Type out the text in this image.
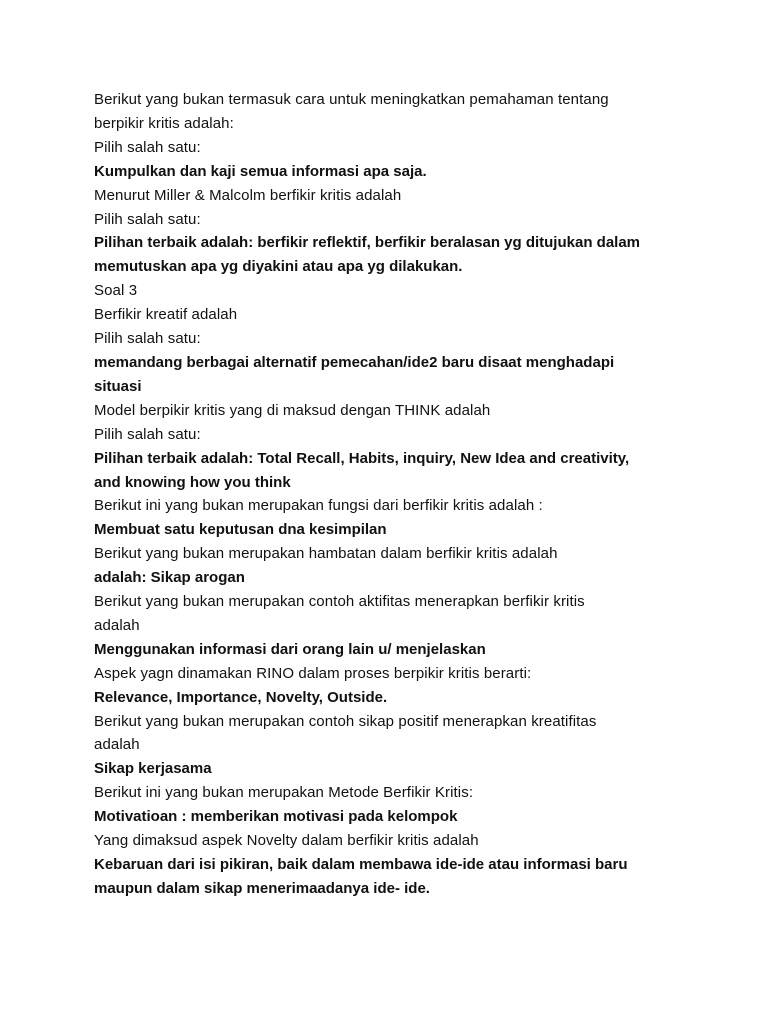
Berikut yang bukan termasuk cara untuk meningkatkan pemahaman tentang
berpikir kritis adalah:
Pilih salah satu:
Kumpulkan dan kaji semua informasi apa saja.
Menurut Miller & Malcolm berfikir kritis adalah
Pilih salah satu:
Pilihan terbaik adalah: berfikir reflektif, berfikir beralasan yg ditujukan dalam
memutuskan apa yg diyakini atau apa yg dilakukan.
Soal 3
Berfikir kreatif adalah
Pilih salah satu:
memandang berbagai alternatif pemecahan/ide2 baru disaat menghadapi
situasi
Model berpikir kritis yang di maksud dengan THINK adalah
Pilih salah satu:
Pilihan terbaik adalah: Total Recall, Habits, inquiry, New Idea and creativity,
and knowing how you think
Berikut ini yang bukan merupakan fungsi dari berfikir kritis adalah :
Membuat satu keputusan dna kesimpilan
Berikut yang bukan merupakan hambatan dalam berfikir kritis adalah
adalah: Sikap arogan
Berikut yang bukan merupakan contoh aktifitas menerapkan berfikir kritis
adalah
Menggunakan informasi dari orang lain u/ menjelaskan
Aspek yagn dinamakan RINO dalam proses berpikir kritis berarti:
Relevance, Importance, Novelty, Outside.
Berikut yang bukan merupakan contoh sikap positif menerapkan kreatifitas
adalah
Sikap kerjasama
Berikut ini yang bukan merupakan Metode Berfikir Kritis:
Motivatioan : memberikan motivasi pada kelompok
Yang dimaksud aspek Novelty dalam berfikir kritis adalah
Kebaruan dari isi pikiran, baik dalam membawa ide-ide atau informasi baru
maupun dalam sikap menerimaadanya ide- ide.
